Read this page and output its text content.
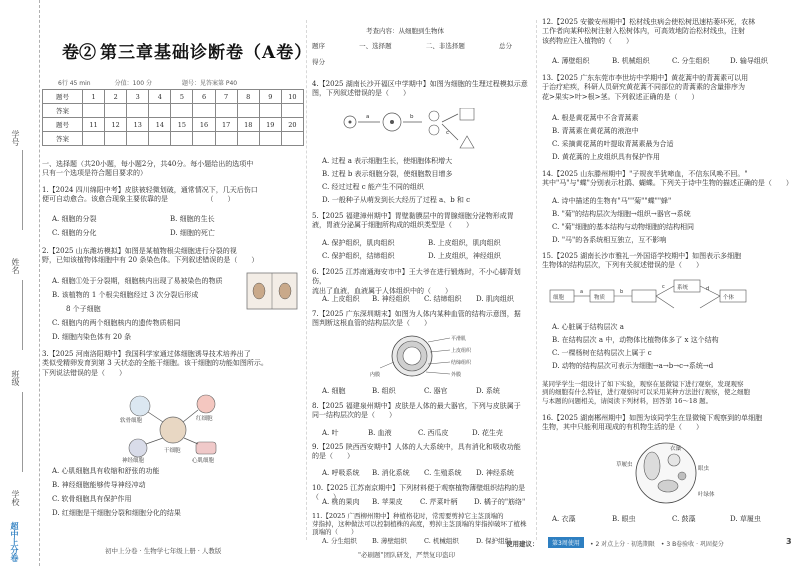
学号
姓名
班级
学校
超中上分卷
卷② 第三章基础诊断卷（A卷）
6行 45 min　　　　分值：100 分　　　　　题号：见答案第 P40
题号	1	2	3	4	5	6	7	8	9	10
答案										
题号	11	12	13	14	15	16	17	18	19	20
答案										
一、选择题（共20小题，每小题2分，共40分。每小题给出的选项中
只有一个选项是符合题目要求的）
1.【2024 四川绵阳中考】皮肤被轻微划破，通常情况下，几天后伤口
便可自动愈合。该愈合现象主要依靠的是　　　　　　（　　）
A. 细胞的分裂	B. 细胞的生长
C. 细胞的分化	D. 细胞的死亡
2.【2025 山东潍坊模拟】如图是某植物根尖细胞进行分裂的视
野，已知该植物体细胞中有 20 条染色体。下列叙述错误的是（　　）
A. 细胞①处于分裂期，细胞核内出现了易被染色的物质
B. 该植物的 1 个根尖细胞经过 3 次分裂后形成
　　8 个子细胞
C. 细胞内的两个细胞核内的遗传物质相同
D. 细胞内染色体有 20 条
3.【2025 河南洛阳期中】我国科学家通过体细胞诱导技术培养出了
类似受精卵发育到第 3 天状态的全能干细胞。该干细胞的功能如图所示。
下列说法错误的是（　　）
软骨细胞	红细胞
神经细胞
干细胞
心肌细胞
A. 心肌细胞具有收缩和舒张的功能
B. 神经细胞能够传导神经冲动
C. 软骨细胞具有保护作用
D. 红细胞是干细胞分裂和细胞分化的结果
初中上分卷 · 生物学七年级上册 · 人教版
考查内容：从细胞到生物体
题序	一、选择题	二、非选择题	总分
得分
4.【2025 湖南长沙开福区中学期中】如图为细胞的生理过程模拟示意
图，下列叙述错误的是（　　）
a	b
c
A. 过程 a 表示细胞生长，使细胞体积增大
B. 过程 b 表示细胞分裂，使细胞数目增多
C. 经过过程 c 能产生不同的组织
D. 一般种子从萌发到长大经历了过程 a、b 和 c
5.【2025 福建漳州期中】胃壁黏膜层中的胃腺细胞分泌物形成胃
液，胃液分泌属于细胞所构成的组织类型是（　　）
A. 保护组织，肌肉组织	B. 上皮组织，肌肉组织
C. 保护组织，结缔组织	D. 上皮组织，神经组织
6.【2025 江苏南通海安市中】王大爷在进行锻炼时，不小心脚背划伤，
流出了血液，血液属于人体组织中的（　　）
A. 上皮组织 B. 神经组织 C. 结缔组织 D. 肌肉组织
7.【2025 广东深圳期末】如图为人体内某种血管的结构示意图，据
图判断这根血管的结构层次是（　　）
平滑肌
上皮组织
结缔组织
内膜	外膜
A. 细胞	B. 组织	C. 器官	D. 系统
8.【2025 福建泉州期中】皮肤是人体的最大器官，下列与皮肤属于
同一结构层次的是（　　）
A. 叶	B. 血液	C. 西瓜皮	D. 花生壳
9.【2025 陕西西安期中】人体的人大系统中，具有消化和吸收功能
的是（　　）
A. 呼吸系统 B. 消化系统 C. 生殖系统 D. 神经系统
10.【2025 江苏南京期中】下列材料便于观察植物薄壁组织结构的是（　　）
A. 桃的果肉 B. 苹果皮 C. 芹菜叶柄 D. 橘子的"筋络"
11.【2025 广西柳州期中】种植格花时，常需要剪掉它主茎顶端的
芽指掉，这种做法可以控制植株的高度，剪掉主茎顶端的芽指掉破坏了植株
顶端的（　　）
A. 分生组织 B. 薄壁组织	C. 机械组织	D. 保护组织
"必刷题"团队研发，严禁复印盗印
12.【2025 安徽安州期中】松材线虫病会使松树迅速枯萎坏死，农林
工作者向某种松树注射入松树体内，可高效地防治松材线虫，注射
该药物应注入植物的（　　）
A. 薄壁组织	B. 机械组织	C. 分生组织	D. 输导组织
13.【2025 广东东莞市李世坊中学期中】黄花蒿中的青蒿素可以用
于治疗疟疾，科研人员研究黄花蒿不同部位的青蒿素的含量排序为
花>果实>叶>根>茎。下列叙述正确的是（　　）
A. 根是黄花蒿中不含青蒿素
B. 青蒿素在黄花蒿的液泡中
C. 采摘黄花蒿的叶提取青蒿素最为合适
D. 黄花蒿的上皮组织具有保护作用
14.【2025 山东滕州期中】"子规夜半犹啼血，不信东风唤不回。"
其中"马"与"蝶"分别表示杜鹃、蝴蝶。下列关于诗中生物的描述正确的是（　　）
A. 诗中描述的生物有"马""菊""蝶""蜂"
B. "菊"的结构层次为细胞→组织→器官→系统
C. "菊"细胞的基本结构与动物细胞的结构相同
D. "马"的各系统相互独立，互不影响
15.【2025 湖南长沙市雅礼一外国语学校期中】如图表示多细胞
生物体的结构层次，下列有关叙述错误的是（　　）
细胞
a
物质
b
c 系统	d
个体
A. 心脏属于结构层次 a
B. 在结构层次 a 中，动物体比植物体多了 x 这个结构
C. 一棵杨树在结构层次上属于 c
D. 动物的结构层次可表示为细胞→a→b→c→系统→d
某同学学生一组设计了如下实验，观察在显微镜下进行观察，发现观察
到的细胞有什么特征，进行观察时可以采用某种方法进行观察，使之细胞
与本题的问题相关，请阅读下列材料，回答第 16～18 题。
16.【2025 湖南郴州期中】如图为该同学生在显微镜下观察到的单细胞
生物，其中只能利用现成的有机物生活的是（　　）
衣藻
眼虫
草履虫
叶绿体
A. 衣藻	B. 眼虫	C. 鼓藻	D. 草履虫
使用建议：	第3周使用	• 2 对点上分 · 初选期限　• 3 B卷验收 · 巩固提分	3
